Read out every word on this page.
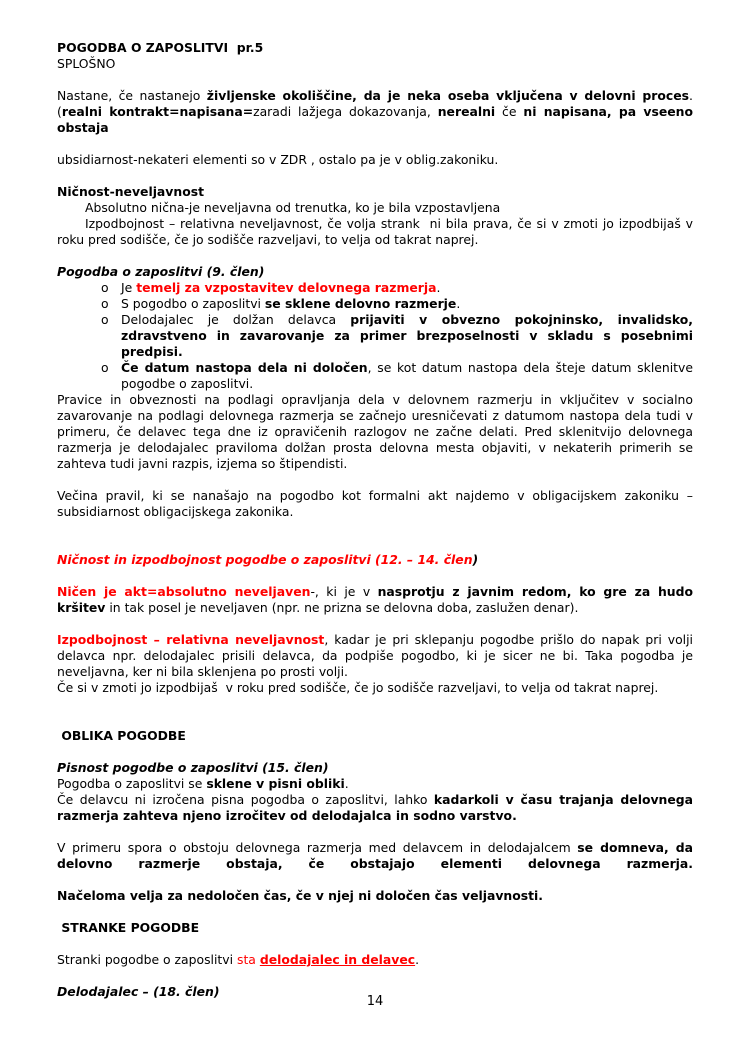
POGODBA O ZAPOSLITVI  pr.5
SPLOŠNO
Nastane, če nastanejo življenske okoliščine, da je neka oseba vključena v delovni proces.(realni kontrakt=napisana=zaradi lažjega dokazovanja, nerealni če ni napisana, pa vseeno obstaja
ubsidiarnost-nekateri elementi so v ZDR , ostalo pa je v oblig.zakoniku.
Ničnost-neveljavnost
Absolutno nična-je neveljavna od trenutka, ko je bila vzpostavljena
Izpodbojnost – relativna neveljavnost, če volja strank  ni bila prava, če si v zmoti jo izpodbijaš v roku pred sodišče, če jo sodišče razveljavi, to velja od takrat naprej.
Pogodba o zaposlitvi (9. člen)
o	Je temelj za vzpostavitev delovnega razmerja.
o	S pogodbo o zaposlitvi se sklene delovno razmerje.
o	Delodajalec je dolžan delavca prijaviti v obvezno pokojninsko, invalidsko, zdravstveno in zavarovanje za primer brezposelnosti v skladu s posebnimi predpisi.
o	Če datum nastopa dela ni določen, se kot datum nastopa dela šteje datum sklenitve pogodbe o zaposlitvi.
Pravice in obveznosti na podlagi opravljanja dela v delovnem razmerju in vključitev v socialno zavarovanje na podlagi delovnega razmerja se začnejo uresničevati z datumom nastopa dela tudi v primeru, če delavec tega dne iz opravičenih razlogov ne začne delati. Pred sklenitvijo delovnega razmerja je delodajalec praviloma dolžan prosta delovna mesta objaviti, v nekaterih primerih se zahteva tudi javni razpis, izjema so štipendisti.
Večina pravil, ki se nanašajo na pogodbo kot formalni akt najdemo v obligacijskem zakoniku – subsidiarnost obligacijskega zakonika.
Ničnost in izpodbojnost pogodbe o zaposlitvi (12. – 14. člen)
Ničen je akt=absolutno neveljaven-, ki je v nasprotju z javnim redom, ko gre za hudo kršitev in tak posel je neveljaven (npr. ne prizna se delovna doba, zaslužen denar).
Izpodbojnost – relativna neveljavnost, kadar je pri sklepanju pogodbe prišlo do napak pri volji delavca npr. delodajalec prisili delavca, da podpiše pogodbo, ki je sicer ne bi. Taka pogodba je neveljavna, ker ni bila sklenjena po prosti volji.
Če si v zmoti jo izpodbijaš  v roku pred sodišče, če jo sodišče razveljavi, to velja od takrat naprej.
OBLIKA POGODBE
Pisnost pogodbe o zaposlitvi (15. člen)
Pogodba o zaposlitvi se sklene v pisni obliki.
Če delavcu ni izročena pisna pogodba o zaposlitvi, lahko kadarkoli v času trajanja delovnega razmerja zahteva njeno izročitev od delodajalca in sodno varstvo.
V primeru spora o obstoju delovnega razmerja med delavcem in delodajalcem se domneva, da delovno razmerje obstaja, če obstajajo elementi delovnega razmerja.
Načeloma velja za nedoločen čas, če v njej ni določen čas veljavnosti.
STRANKE POGODBE
Stranki pogodbe o zaposlitvi sta delodajalec in delavec.
Delodajalec – (18. člen)
14
